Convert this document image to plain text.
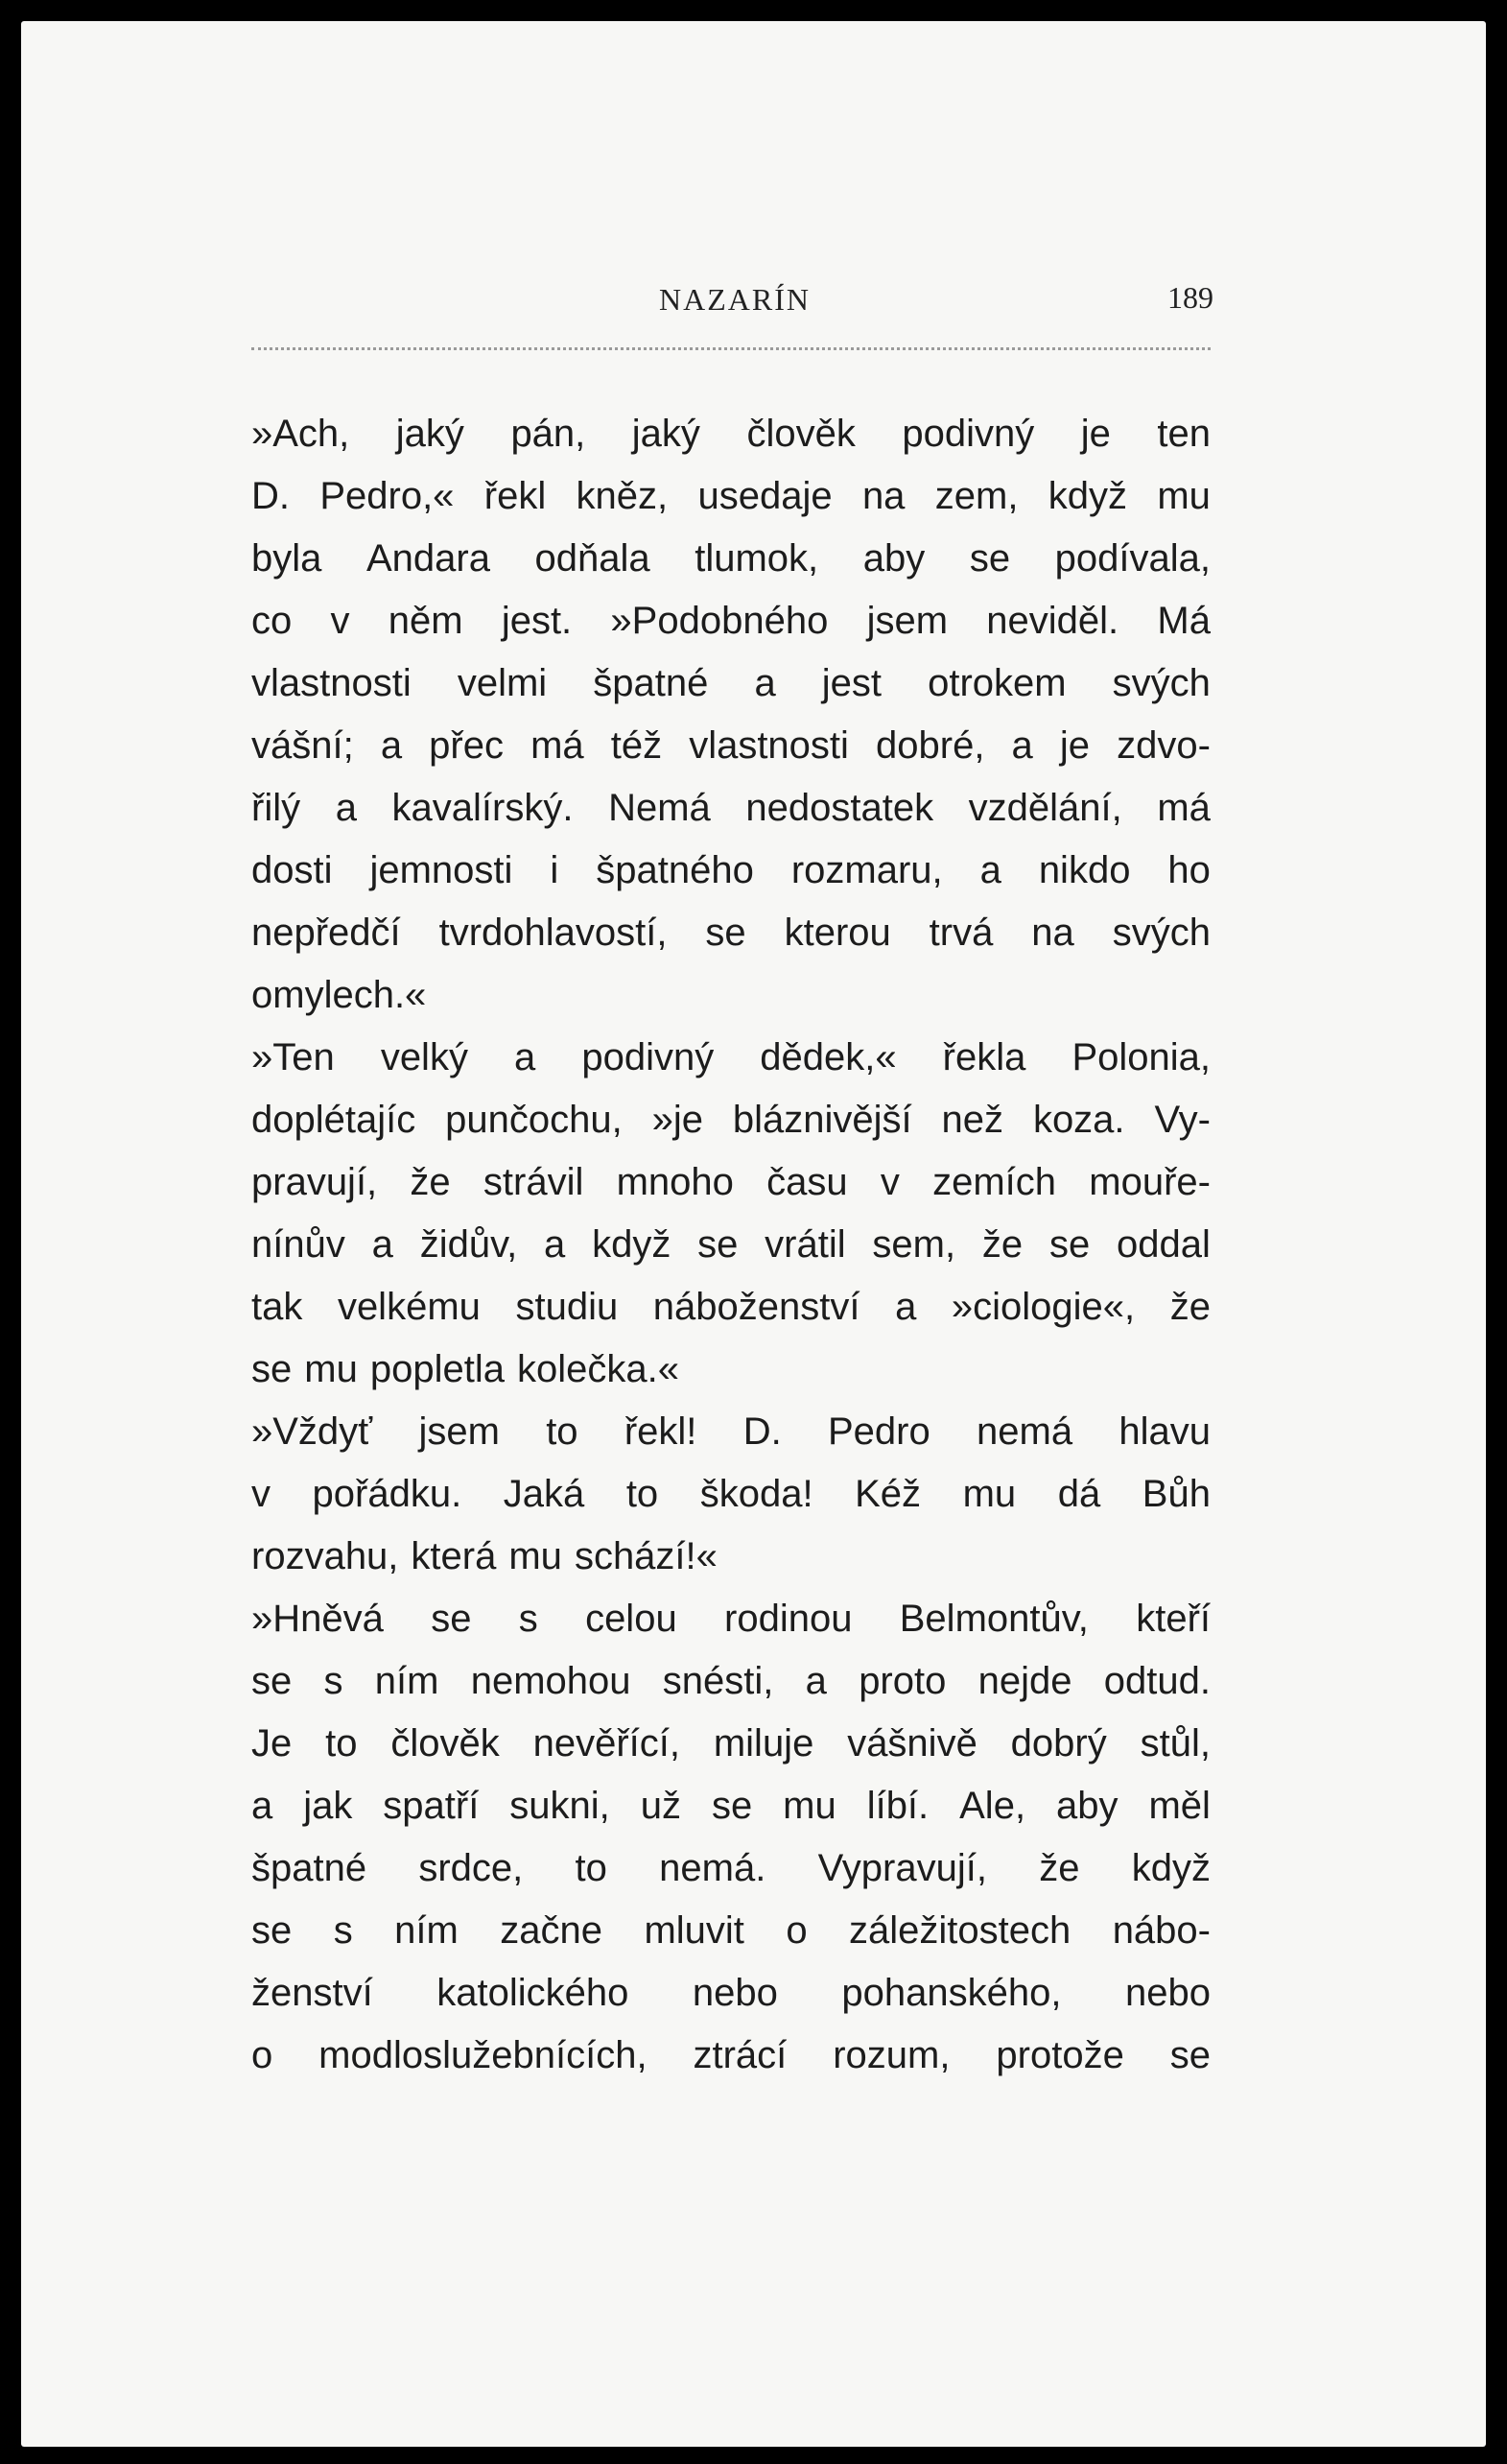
NAZARÍN	189
»Ach, jaký pán, jaký člověk podivný je ten
D. Pedro,« řekl kněz, usedaje na zem, když mu
byla Andara odňala tlumok, aby se podívala,
co v něm jest. »Podobného jsem neviděl. Má
vlastnosti velmi špatné a jest otrokem svých
vášní; a přec má též vlastnosti dobré, a je zdvo-
řilý a kavalírský. Nemá nedostatek vzdělání, má
dosti jemnosti i špatného rozmaru, a nikdo ho
nepředčí tvrdohlavostí, se kterou trvá na svých
omylech.«
»Ten velký a podivný dědek,« řekla Polonia,
doplétajíc punčochu, »je bláznivější než koza. Vy-
pravují, že strávil mnoho času v zemích mouře-
nínův a židův, a když se vrátil sem, že se oddal
tak velkému studiu náboženství a »ciologie«, že
se mu popletla kolečka.«
»Vždyť jsem to řekl! D. Pedro nemá hlavu
v pořádku. Jaká to škoda! Kéž mu dá Bůh
rozvahu, která mu schází!«
»Hněvá se s celou rodinou Belmontův, kteří
se s ním nemohou snésti, a proto nejde odtud.
Je to člověk nevěřící, miluje vášnivě dobrý stůl,
a jak spatří sukni, už se mu líbí. Ale, aby měl
špatné srdce, to nemá. Vypravují, že když
se s ním začne mluvit o záležitostech nábo-
ženství katolického nebo pohanského, nebo
o modloslužebnících, ztrácí rozum, protože se
